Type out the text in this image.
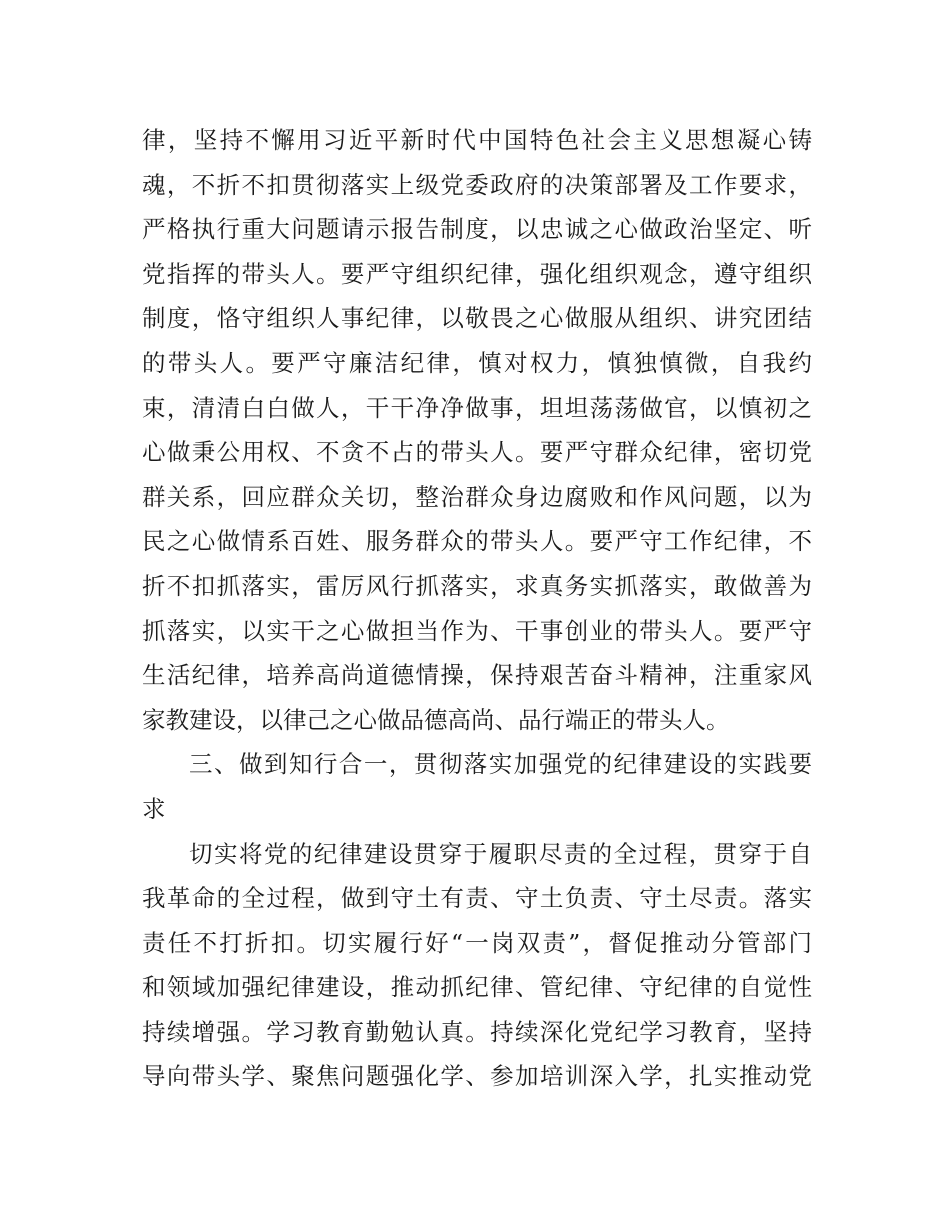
律，坚持不懈用习近平新时代中国特色社会主义思想凝心铸
魂，不折不扣贯彻落实上级党委政府的决策部署及工作要求，
严格执行重大问题请示报告制度，以忠诚之心做政治坚定、听
党指挥的带头人。要严守组织纪律，强化组织观念，遵守组织
制度，恪守组织人事纪律，以敬畏之心做服从组织、讲究团结
的带头人。要严守廉洁纪律，慎对权力，慎独慎微，自我约
束，清清白白做人，干干净净做事，坦坦荡荡做官，以慎初之
心做秉公用权、不贪不占的带头人。要严守群众纪律，密切党
群关系，回应群众关切，整治群众身边腐败和作风问题，以为
民之心做情系百姓、服务群众的带头人。要严守工作纪律，不
折不扣抓落实，雷厉风行抓落实，求真务实抓落实，敢做善为
抓落实，以实干之心做担当作为、干事创业的带头人。要严守
生活纪律，培养高尚道德情操，保持艰苦奋斗精神，注重家风
家教建设，以律己之心做品德高尚、品行端正的带头人。

三、做到知行合一，贯彻落实加强党的纪律建设的实践要
求

切实将党的纪律建设贯穿于履职尽责的全过程，贯穿于自
我革命的全过程，做到守土有责、守土负责、守土尽责。落实
责任不打折扣。切实履行好“一岗双责”，督促推动分管部门
和领域加强纪律建设，推动抓纪律、管纪律、守纪律的自觉性
持续增强。学习教育勤勉认真。持续深化党纪学习教育，坚持
导向带头学、聚焦问题强化学、参加培训深入学，扎实推动党
